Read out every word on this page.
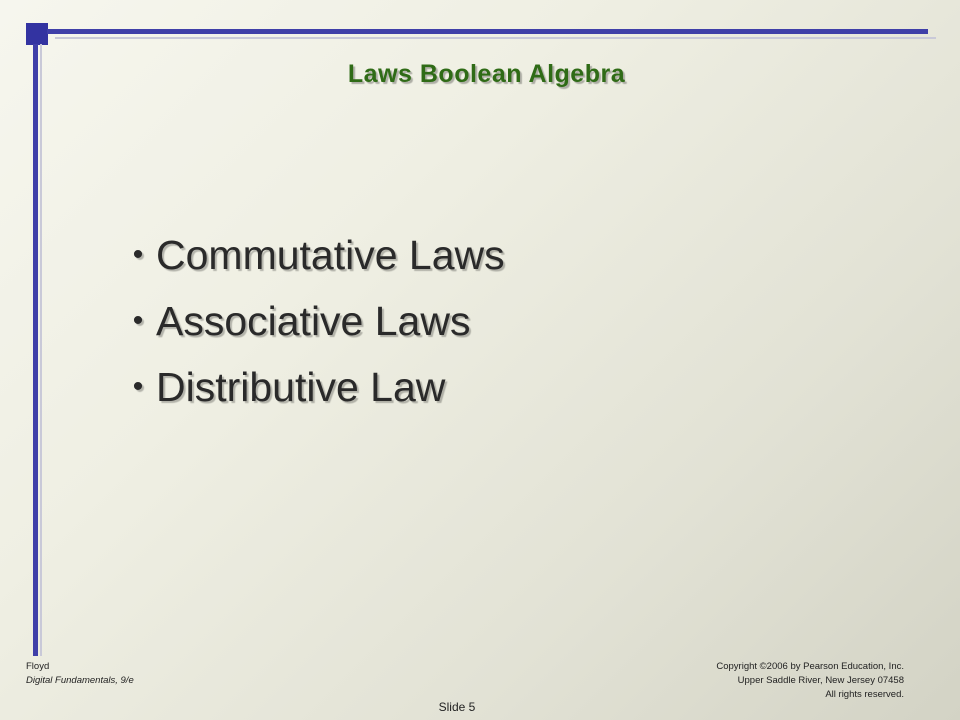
Laws Boolean Algebra
• Commutative Laws
• Associative Laws
• Distributive Law
Floyd
Digital Fundamentals, 9/e
Copyright ©2006 by Pearson Education, Inc.
Upper Saddle River, New Jersey 07458
All rights reserved.
Slide 5
